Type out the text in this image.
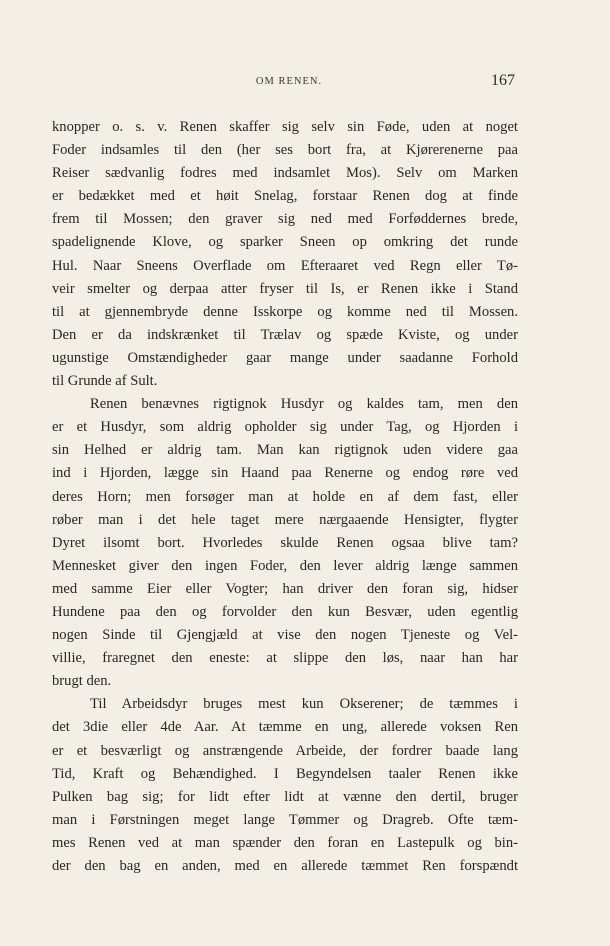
OM RENEN.	167
knopper o. s. v. Renen skaffer sig selv sin Føde, uden at noget
Foder indsamles til den (her ses bort fra, at Kjørerenerne paa
Reiser sædvanlig fodres med indsamlet Mos). Selv om Marken
er bedækket med et høit Snelag, forstaar Renen dog at finde
frem til Mossen; den graver sig ned med Forføddernes brede,
spadelignende Klove, og sparker Sneen op omkring det runde
Hul. Naar Sneens Overflade om Efteraaret ved Regn eller Tø-
veir smelter og derpaa atter fryser til Is, er Renen ikke i Stand
til at gjennembryde denne Isskorpe og komme ned til Mossen.
Den er da indskrænket til Trælav og spæde Kviste, og under
ugunstige Omstændigheder gaar mange under saadanne Forhold
til Grunde af Sult.
Renen benævnes rigtignok Husdyr og kaldes tam, men den
er et Husdyr, som aldrig opholder sig under Tag, og Hjorden i
sin Helhed er aldrig tam. Man kan rigtignok uden videre gaa
ind i Hjorden, lægge sin Haand paa Renerne og endog røre ved
deres Horn; men forsøger man at holde en af dem fast, eller
røber man i det hele taget mere nærgaaende Hensigter, flygter
Dyret ilsomt bort. Hvorledes skulde Renen ogsaa blive tam?
Mennesket giver den ingen Foder, den lever aldrig længe sammen
med samme Eier eller Vogter; han driver den foran sig, hidser
Hundene paa den og forvolder den kun Besvær, uden egentlig
nogen Sinde til Gjengjæld at vise den nogen Tjeneste og Vel-
villie, fraregnet den eneste: at slippe den løs, naar han har
brugt den.
Til Arbeidsdyr bruges mest kun Okserener; de tæmmes i
det 3die eller 4de Aar. At tæmme en ung, allerede voksen Ren
er et besværligt og anstrængende Arbeide, der fordrer baade lang
Tid, Kraft og Behændighed. I Begyndelsen taaler Renen ikke
Pulken bag sig; for lidt efter lidt at vænne den dertil, bruger
man i Førstningen meget lange Tømmer og Dragreb. Ofte tæm-
mes Renen ved at man spænder den foran en Lastepulk og bin-
der den bag en anden, med en allerede tæmmet Ren forspændt
